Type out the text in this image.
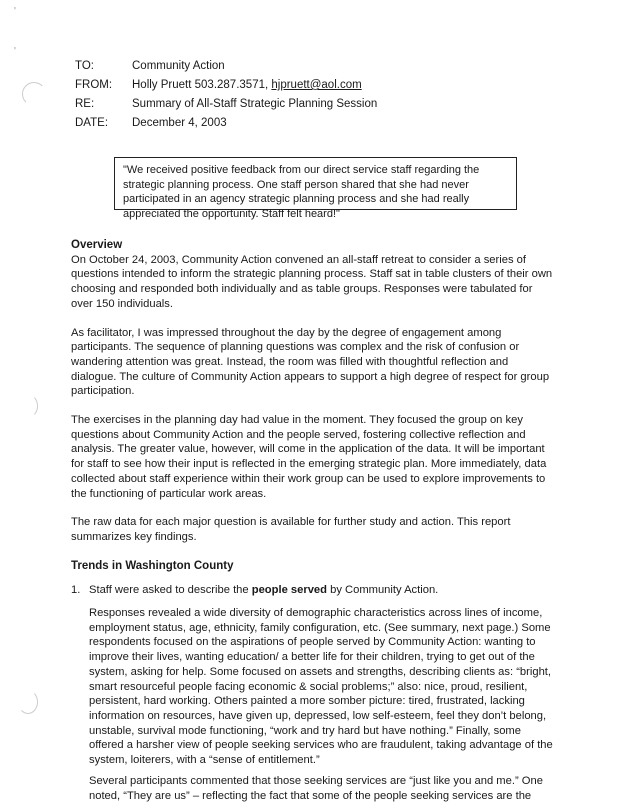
'
'
TO:	Community Action
FROM:	Holly Pruett 503.287.3571, hjpruett@aol.com
RE:	Summary of All-Staff Strategic Planning Session
DATE:	December 4, 2003
"We received positive feedback from our direct service staff regarding the strategic planning process. One staff person shared that she had never participated in an agency strategic planning process and she had really appreciated the opportunity. Staff felt heard!"

Overview

On October 24, 2003, Community Action convened an all-staff retreat to consider a series of questions intended to inform the strategic planning process. Staff sat in table clusters of their own choosing and responded both individually and as table groups. Responses were tabulated for over 150 individuals.

As facilitator, I was impressed throughout the day by the degree of engagement among participants. The sequence of planning questions was complex and the risk of confusion or wandering attention was great. Instead, the room was filled with thoughtful reflection and dialogue. The culture of Community Action appears to support a high degree of respect for group participation.

The exercises in the planning day had value in the moment. They focused the group on key questions about Community Action and the people served, fostering collective reflection and analysis. The greater value, however, will come in the application of the data. It will be important for staff to see how their input is reflected in the emerging strategic plan. More immediately, data collected about staff experience within their work group can be used to explore improvements to the functioning of particular work areas.

The raw data for each major question is available for further study and action. This report summarizes key findings.

Trends in Washington County

1. Staff were asked to describe the people served by Community Action.

Responses revealed a wide diversity of demographic characteristics across lines of income, employment status, age, ethnicity, family configuration, etc. (See summary, next page.) Some respondents focused on the aspirations of people served by Community Action: wanting to improve their lives, wanting education/ a better life for their children, trying to get out of the system, asking for help. Some focused on assets and strengths, describing clients as: “bright, smart resourceful people facing economic & social problems;” also: nice, proud, resilient, persistent, hard working. Others painted a more somber picture: tired, frustrated, lacking information on resources, have given up, depressed, low self-esteem, feel they don’t belong, unstable, survival mode functioning, “work and try hard but have nothing.” Finally, some offered a harsher view of people seeking services who are fraudulent, taking advantage of the system, loiterers, with a “sense of entitlement.”

Several participants commented that those seeking services are “just like you and me.” One noted, “They are us” – reflecting the fact that some of the people seeking services are the
